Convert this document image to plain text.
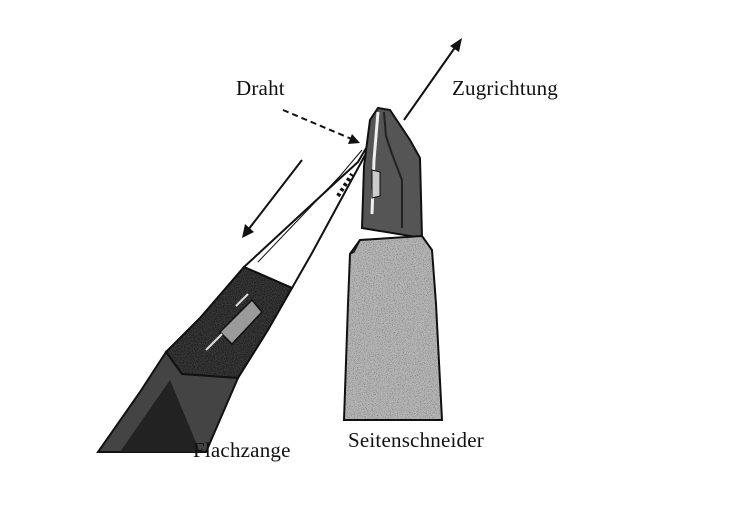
Draht	Zugrichtung
Flachzange	Seitenschneider
